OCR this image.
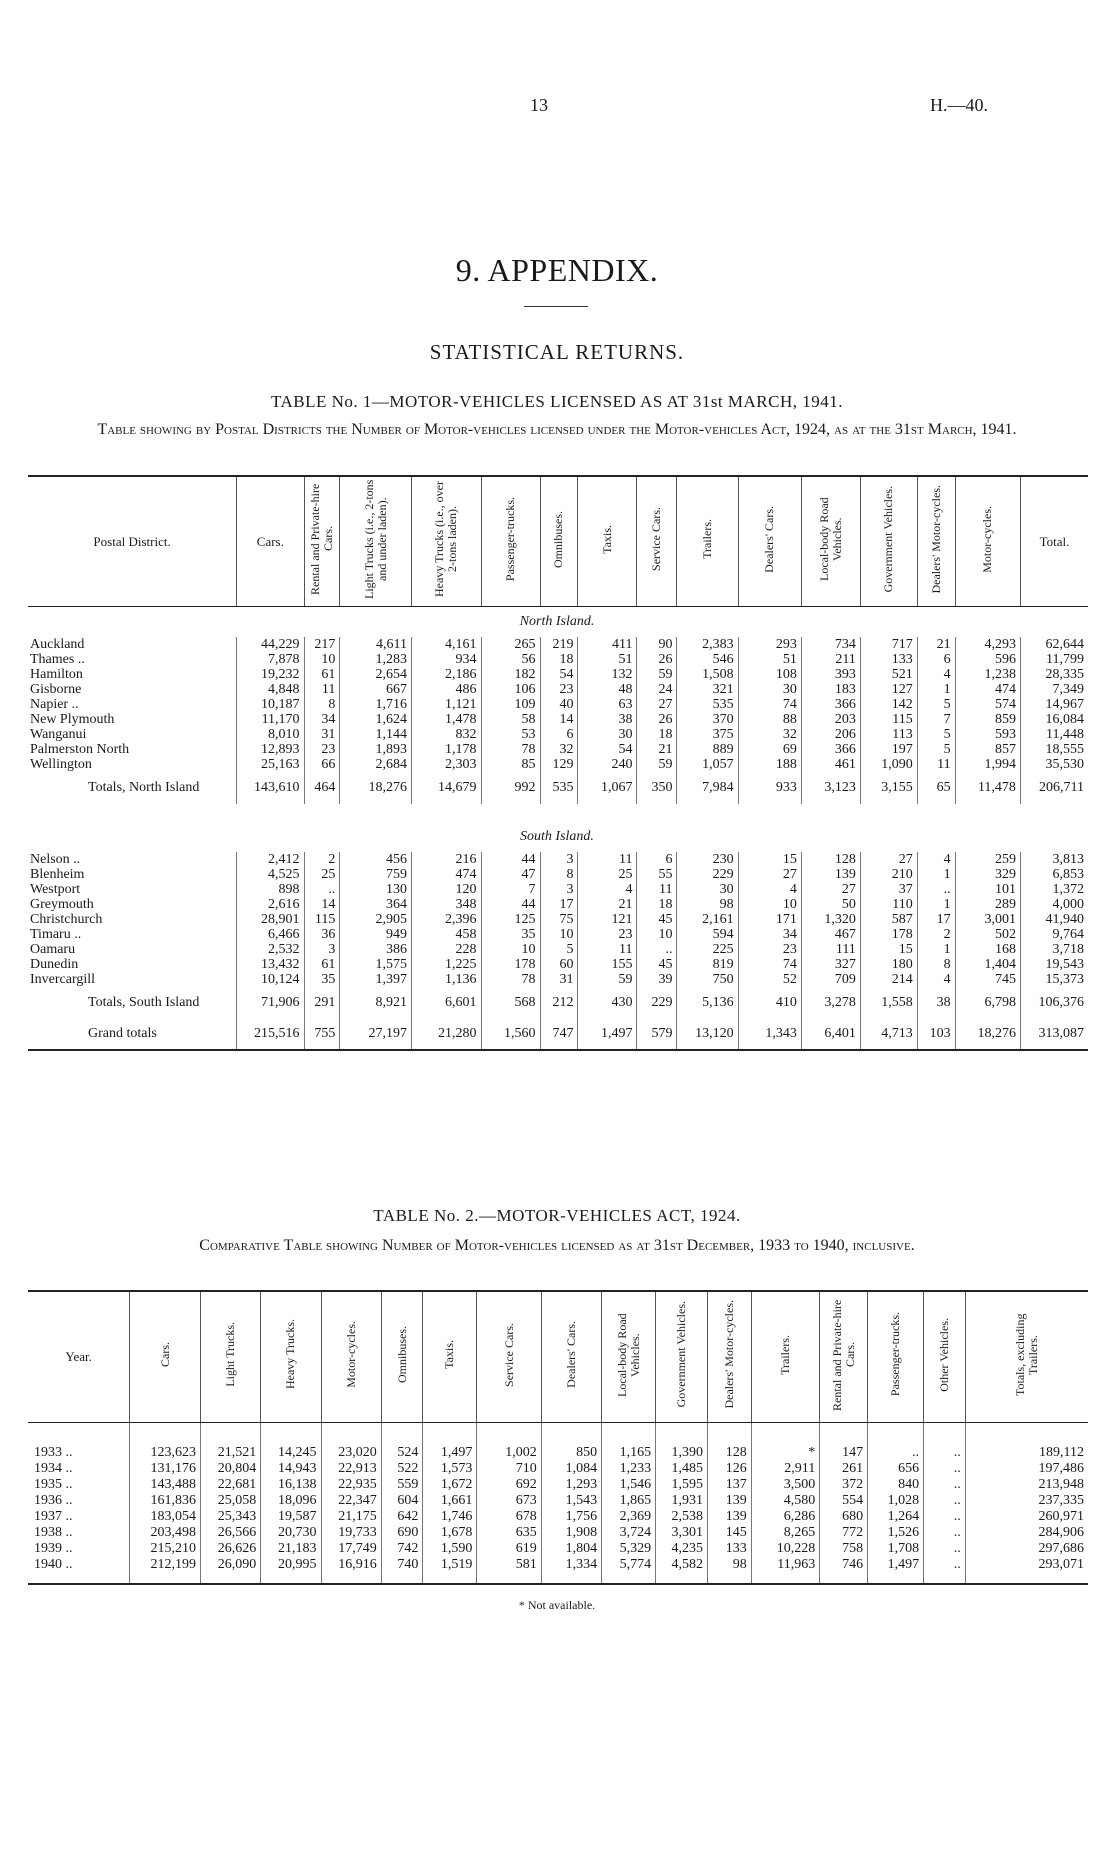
13	H.—40.
9. APPENDIX.
STATISTICAL RETURNS.
TABLE No. 1—MOTOR-VEHICLES LICENSED AS AT 31st MARCH, 1941.
Table showing by Postal Districts the Number of Motor-vehicles licensed under the Motor-vehicles Act, 1924, as at the 31st March, 1941.
Postal District.	Cars.	Rental and Private-hire Cars.	Light Trucks (i.e., 2-tons and under laden).	Heavy Trucks (i.e., over 2-tons laden).	Passenger-trucks.	Omnibuses.	Taxis.	Service Cars.	Trailers.	Dealers' Cars.	Local-body Road Vehicles.	Government Vehicles.	Dealers' Motor-cycles.	Motor-cycles.	Total.
North Island.															
Auckland	44,229	217	4,611	4,161	265	219	411	90	2,383	293	734	717	21	4,293	62,644
Thames ..	7,878	10	1,283	934	56	18	51	26	546	51	211	133	6	596	11,799
Hamilton	19,232	61	2,654	2,186	182	54	132	59	1,508	108	393	521	4	1,238	28,335
Gisborne	4,848	11	667	486	106	23	48	24	321	30	183	127	1	474	7,349
Napier ..	10,187	8	1,716	1,121	109	40	63	27	535	74	366	142	5	574	14,967
New Plymouth	11,170	34	1,624	1,478	58	14	38	26	370	88	203	115	7	859	16,084
Wanganui	8,010	31	1,144	832	53	6	30	18	375	32	206	113	5	593	11,448
Palmerston North	12,893	23	1,893	1,178	78	32	54	21	889	69	366	197	5	857	18,555
Wellington	25,163	66	2,684	2,303	85	129	240	59	1,057	188	461	1,090	11	1,994	35,530
Totals, North Island	143,610	464	18,276	14,679	992	535	1,067	350	7,984	933	3,123	3,155	65	11,478	206,711

South Island.															
Nelson ..	2,412	2	456	216	44	3	11	6	230	15	128	27	4	259	3,813
Blenheim	4,525	25	759	474	47	8	25	55	229	27	139	210	1	329	6,853
Westport	898	..	130	120	7	3	4	11	30	4	27	37	..	101	1,372
Greymouth	2,616	14	364	348	44	17	21	18	98	10	50	110	1	289	4,000
Christchurch	28,901	115	2,905	2,396	125	75	121	45	2,161	171	1,320	587	17	3,001	41,940
Timaru ..	6,466	36	949	458	35	10	23	10	594	34	467	178	2	502	9,764
Oamaru	2,532	3	386	228	10	5	11	..	225	23	111	15	1	168	3,718
Dunedin	13,432	61	1,575	1,225	178	60	155	45	819	74	327	180	8	1,404	19,543
Invercargill	10,124	35	1,397	1,136	78	31	59	39	750	52	709	214	4	745	15,373
Totals, South Island	71,906	291	8,921	6,601	568	212	430	229	5,136	410	3,278	1,558	38	6,798	106,376
Grand totals	215,516	755	27,197	21,280	1,560	747	1,497	579	13,120	1,343	6,401	4,713	103	18,276	313,087
TABLE No. 2.—MOTOR-VEHICLES ACT, 1924.
Comparative Table showing Number of Motor-vehicles licensed as at 31st December, 1933 to 1940, inclusive.
Year.	Cars.	Light Trucks.	Heavy Trucks.	Motor-cycles.	Omnibuses.	Taxis.	Service Cars.	Dealers' Cars.	Local-body Road Vehicles.	Government Vehicles.	Dealers' Motor-cycles.	Trailers.	Rental and Private-hire Cars.	Passenger-trucks.	Other Vehicles.	Totals, excluding Trailers.
1933 ..	123,623	21,521	14,245	23,020	524	1,497	1,002	850	1,165	1,390	128	*	147	..	..	189,112
1934 ..	131,176	20,804	14,943	22,913	522	1,573	710	1,084	1,233	1,485	126	2,911	261	656	..	197,486
1935 ..	143,488	22,681	16,138	22,935	559	1,672	692	1,293	1,546	1,595	137	3,500	372	840	..	213,948
1936 ..	161,836	25,058	18,096	22,347	604	1,661	673	1,543	1,865	1,931	139	4,580	554	1,028	..	237,335
1937 ..	183,054	25,343	19,587	21,175	642	1,746	678	1,756	2,369	2,538	139	6,286	680	1,264	..	260,971
1938 ..	203,498	26,566	20,730	19,733	690	1,678	635	1,908	3,724	3,301	145	8,265	772	1,526	..	284,906
1939 ..	215,210	26,626	21,183	17,749	742	1,590	619	1,804	5,329	4,235	133	10,228	758	1,708	..	297,686
1940 ..	212,199	26,090	20,995	16,916	740	1,519	581	1,334	5,774	4,582	98	11,963	746	1,497	..	293,071
* Not available.
